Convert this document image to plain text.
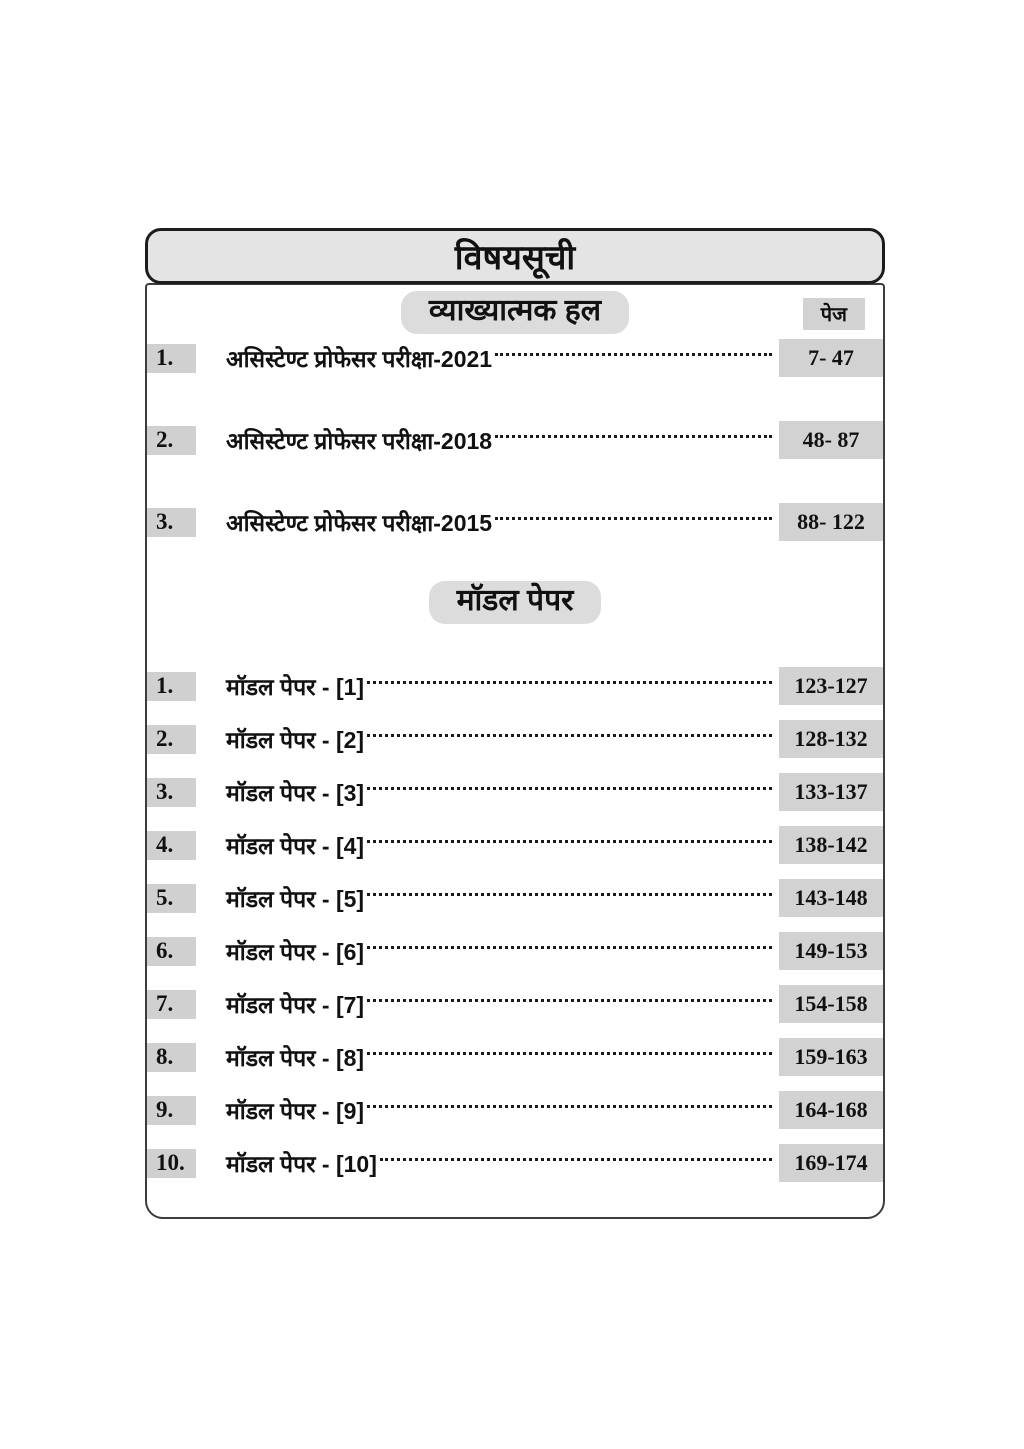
विषयसूची
व्याख्यात्मक हल	पेज
1.	असिस्टेण्ट प्रोफेसर परीक्षा-2021	7- 47
2.	असिस्टेण्ट प्रोफेसर परीक्षा-2018	48- 87
3.	असिस्टेण्ट प्रोफेसर परीक्षा-2015	88- 122
मॉडल पेपर
1.	मॉडल पेपर - [1]	123-127
2.	मॉडल पेपर - [2]	128-132
3.	मॉडल पेपर - [3]	133-137
4.	मॉडल पेपर - [4]	138-142
5.	मॉडल पेपर - [5]	143-148
6.	मॉडल पेपर - [6]	149-153
7.	मॉडल पेपर - [7]	154-158
8.	मॉडल पेपर - [8]	159-163
9.	मॉडल पेपर - [9]	164-168
10.	मॉडल पेपर - [10]	169-174
